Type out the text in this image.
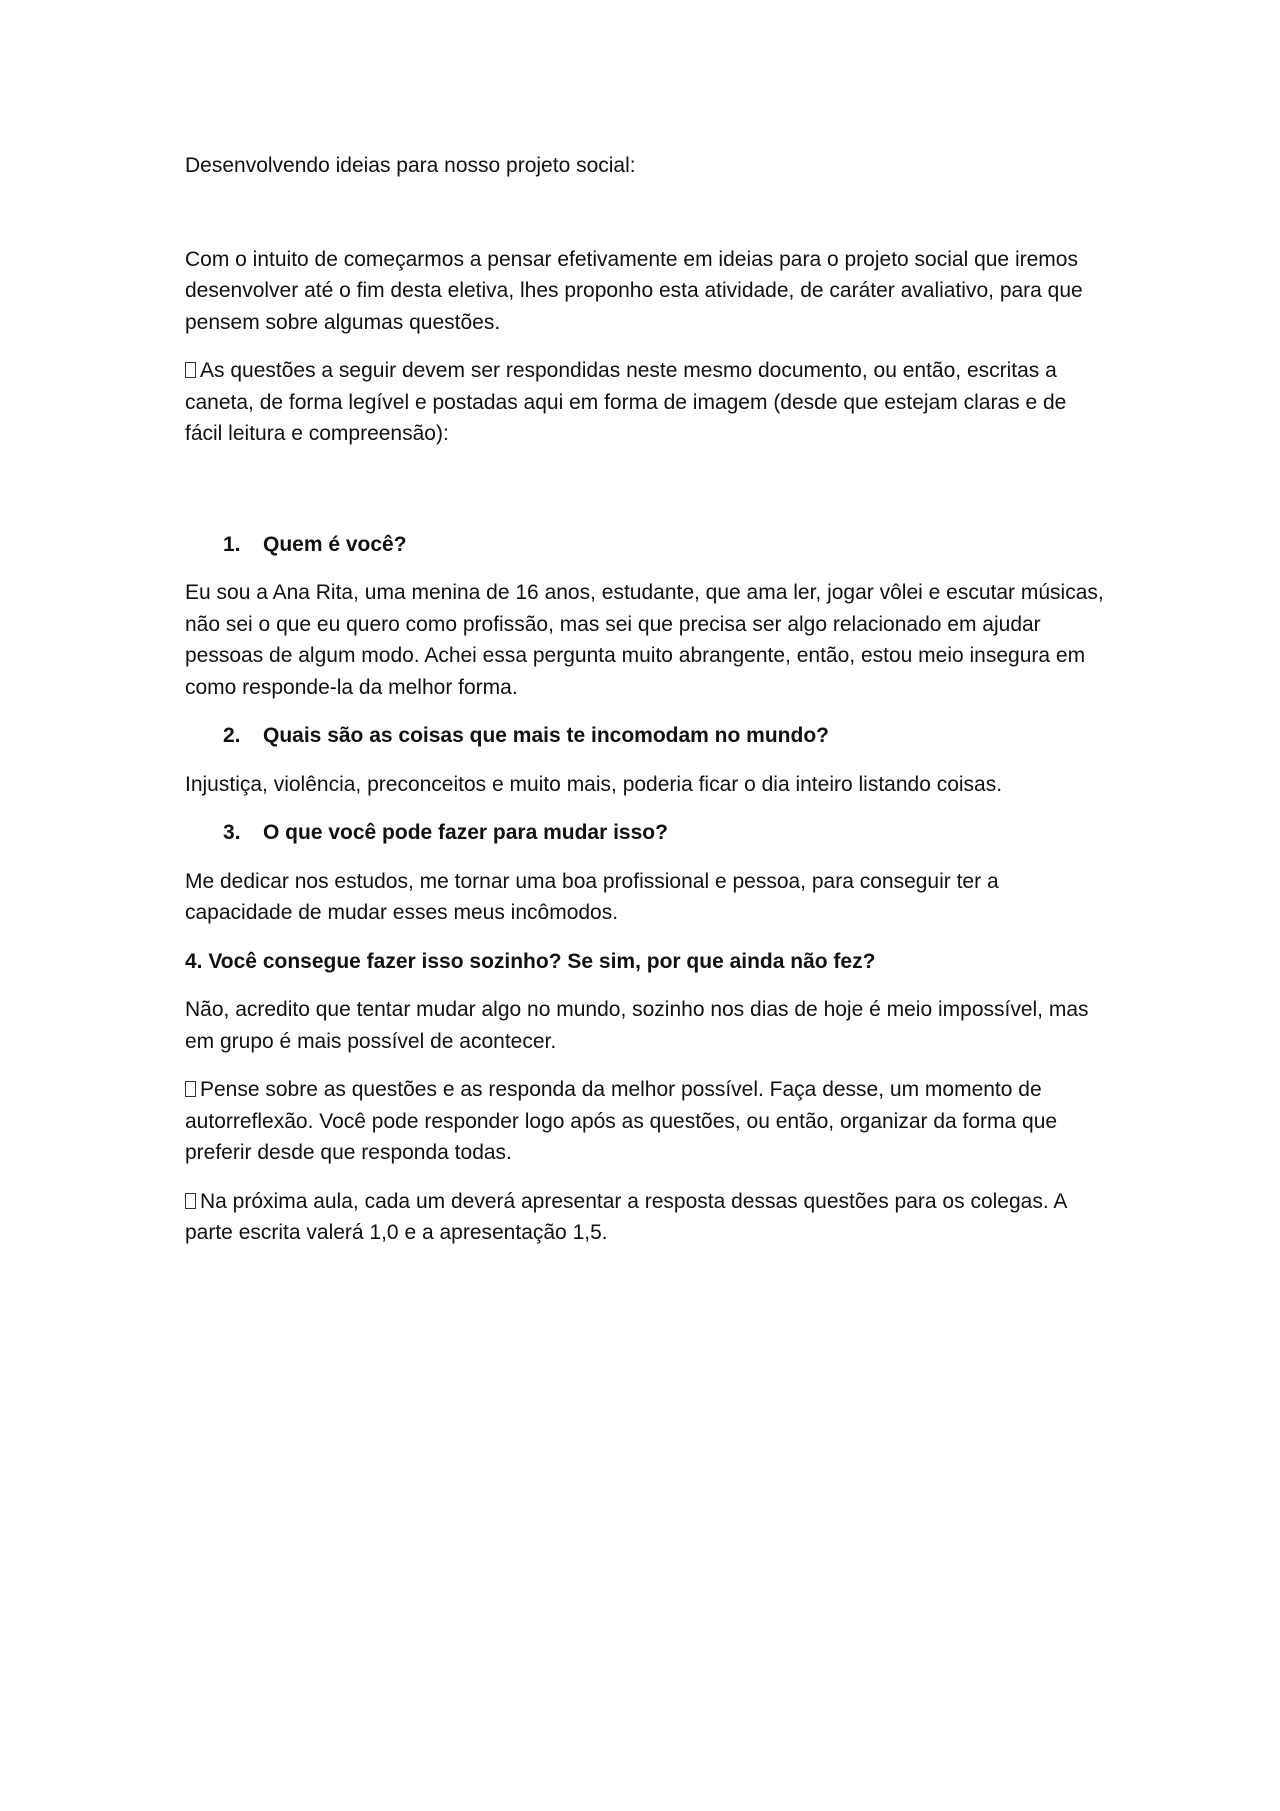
Desenvolvendo ideias para nosso projeto social:

Com o intuito de começarmos a pensar efetivamente em ideias para o projeto social que iremos desenvolver até o fim desta eletiva, lhes proponho esta atividade, de caráter avaliativo, para que pensem sobre algumas questões.

As questões a seguir devem ser respondidas neste mesmo documento, ou então, escritas a caneta, de forma legível e postadas aqui em forma de imagem (desde que estejam claras e de fácil leitura e compreensão):

1.	Quem é você?

Eu sou a Ana Rita, uma menina de 16 anos, estudante, que ama ler, jogar vôlei e escutar músicas, não sei o que eu quero como profissão, mas sei que precisa ser algo relacionado em ajudar pessoas de algum modo. Achei essa pergunta muito abrangente, então, estou meio insegura em como responde-la da melhor forma.

2.	Quais são as coisas que mais te incomodam no mundo?

Injustiça, violência, preconceitos e muito mais, poderia ficar o dia inteiro listando coisas.

3.	O que você pode fazer para mudar isso?

Me dedicar nos estudos, me tornar uma boa profissional e pessoa, para conseguir ter a capacidade de mudar esses meus incômodos.

4. Você consegue fazer isso sozinho? Se sim, por que ainda não fez?

Não, acredito que tentar mudar algo no mundo, sozinho nos dias de hoje é meio impossível, mas em grupo é mais possível de acontecer.

Pense sobre as questões e as responda da melhor possível. Faça desse, um momento de autorreflexão. Você pode responder logo após as questões, ou então, organizar da forma que preferir desde que responda todas.

Na próxima aula, cada um deverá apresentar a resposta dessas questões para os colegas. A parte escrita valerá 1,0 e a apresentação 1,5.
